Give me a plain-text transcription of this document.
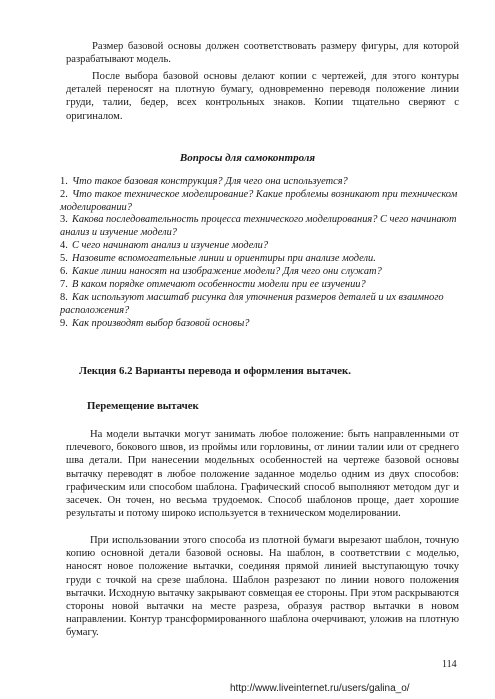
Размер базовой основы должен соответствовать размеру фигуры, для которой разрабатывают модель.
После выбора базовой основы делают копии с чертежей, для этого контуры деталей переносят на плотную бумагу, одновременно переводя положение линии груди, талии, бедер, всех контрольных знаков. Копии тщательно сверяют с оригиналом.
Вопросы для самоконтроля
1. Что такое базовая конструкция? Для чего она используется?
2. Что такое техническое моделирование? Какие проблемы возникают при техническом моделировании?
3. Какова последовательность процесса технического моделирования? С чего начинают анализ и изучение модели?
4. С чего начинают анализ и изучение модели?
5. Назовите вспомогательные линии и ориентиры при анализе модели.
6. Какие линии наносят на изображение модели? Для чего они служат?
7. В каком порядке отмечают особенности модели при ее изучении?
8. Как используют масштаб рисунка для уточнения размеров деталей и их взаимного расположения?
9. Как производят выбор базовой основы?
Лекция 6.2 Варианты перевода и оформления вытачек.
Перемещение вытачек
На модели вытачки могут занимать любое положение: быть направленными от плечевого, бокового швов, из проймы или горловины, от линии талии или от среднего шва детали. При нанесении модельных особенностей на чертеже базовой основы вытачку переводят в любое положение заданное модельо одним из двух способов: графическим или способом шаблона. Графический способ выполняют методом дуг и засечек. Он точен, но весьма трудоемок. Способ шаблонов проще, дает хорошие результаты и потому широко используется в техническом моделировании.
При использовании этого способа из плотной бумаги вырезают шаблон, точную копию основной детали базовой основы. На шаблон, в соответствии с моделью, наносят новое положение вытачки, соединяя прямой линией выступающую точку груди с точкой на срезе шаблона. Шаблон разрезают по линии нового положения вытачки. Исходную вытачку закрывают совмещая ее стороны. При этом раскрываются стороны новой вытачки на месте разреза, образуя раствор вытачки в новом направлении. Контур трансформированного шаблона очерчивают, уложив на плотную бумагу.
114
http://www.liveinternet.ru/users/galina_o/
